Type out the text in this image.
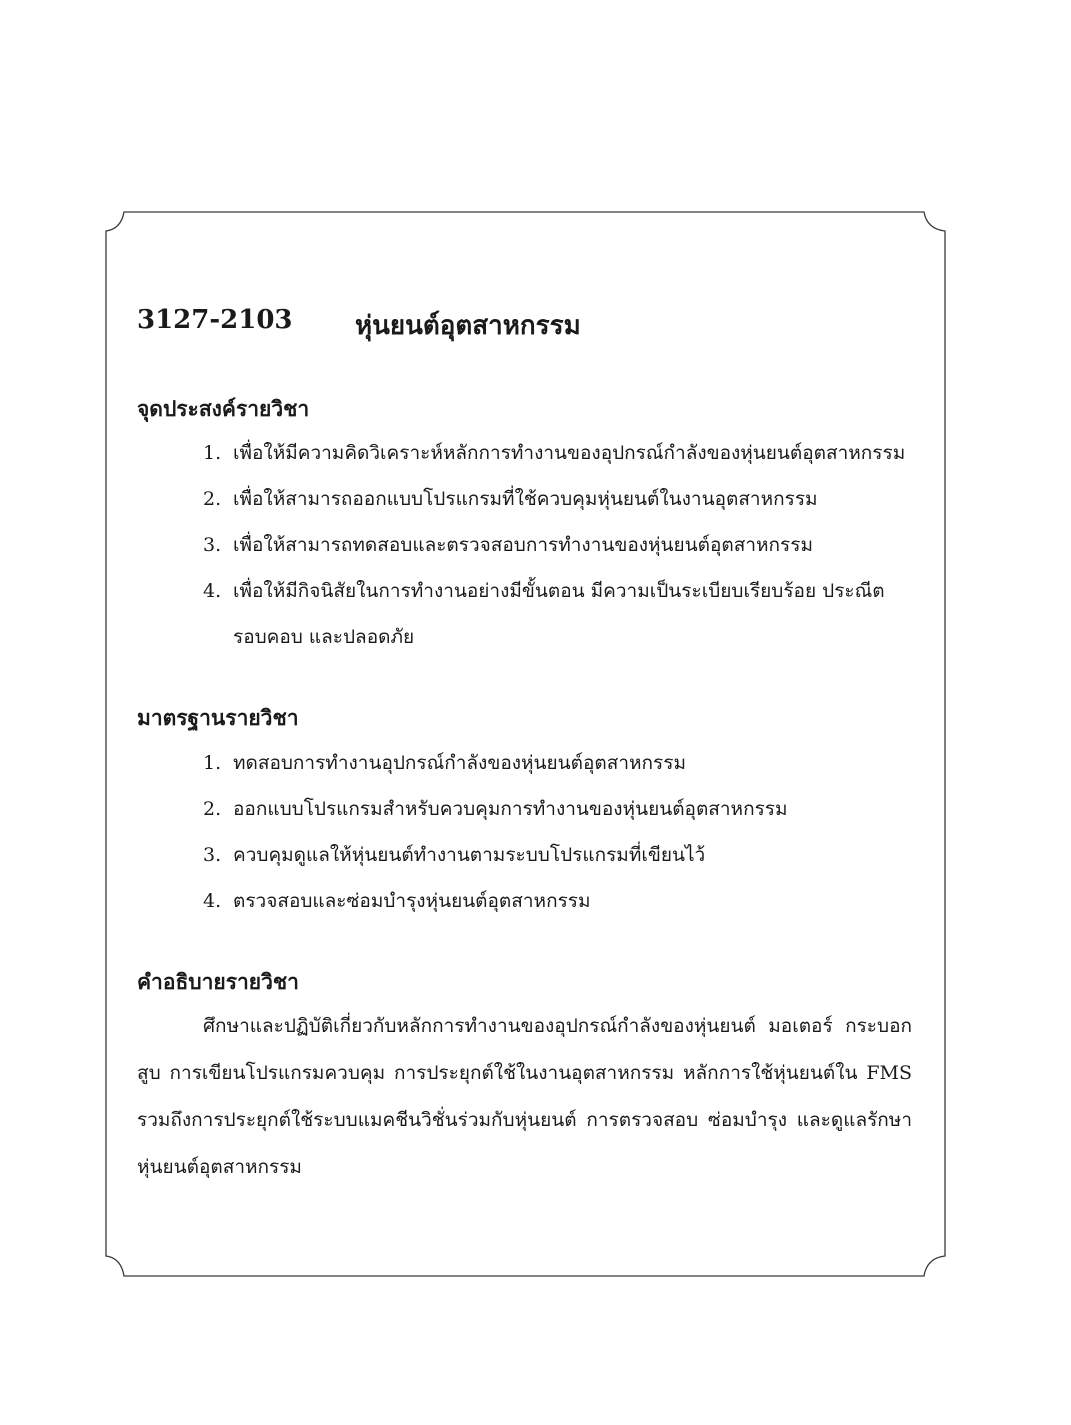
3127-2103 หุ่นยนต์อุตสาหกรรม
จุดประสงค์รายวิชา
1. เพื่อให้มีความคิดวิเคราะห์หลักการทำงานของอุปกรณ์กำลังของหุ่นยนต์อุตสาหกรรม
2. เพื่อให้สามารถออกแบบโปรแกรมที่ใช้ควบคุมหุ่นยนต์ในงานอุตสาหกรรม
3. เพื่อให้สามารถทดสอบและตรวจสอบการทำงานของหุ่นยนต์อุตสาหกรรม
4. เพื่อให้มีกิจนิสัยในการทำงานอย่างมีขั้นตอน มีความเป็นระเบียบเรียบร้อย ประณีต รอบคอบ และปลอดภัย
มาตรฐานรายวิชา
1. ทดสอบการทำงานอุปกรณ์กำลังของหุ่นยนต์อุตสาหกรรม
2. ออกแบบโปรแกรมสำหรับควบคุมการทำงานของหุ่นยนต์อุตสาหกรรม
3. ควบคุมดูแลให้หุ่นยนต์ทำงานตามระบบโปรแกรมที่เขียนไว้
4. ตรวจสอบและซ่อมบำรุงหุ่นยนต์อุตสาหกรรม
คำอธิบายรายวิชา

ศึกษาและปฏิบัติเกี่ยวกับหลักการทำงานของอุปกรณ์กำลังของหุ่นยนต์ มอเตอร์ กระบอกสูบ การเขียนโปรแกรมควบคุม การประยุกต์ใช้ในงานอุตสาหกรรม หลักการใช้หุ่นยนต์ใน FMS รวมถึงการประยุกต์ใช้ระบบแมคชีนวิชั่นร่วมกับหุ่นยนต์ การตรวจสอบ ซ่อมบำรุง และดูแลรักษาหุ่นยนต์อุตสาหกรรม
